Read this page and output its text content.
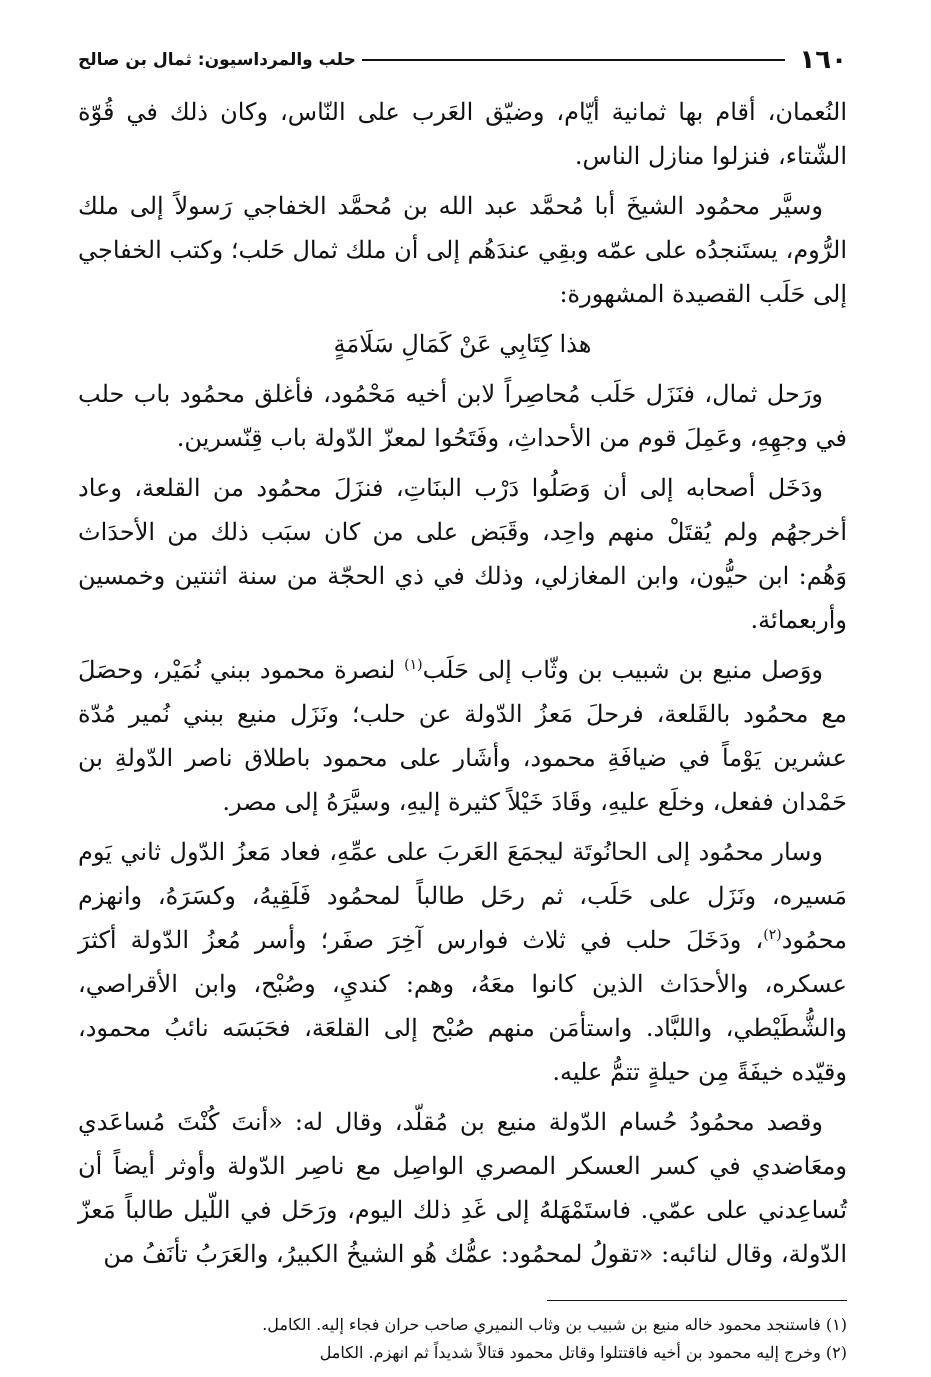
١٦٠
حلب والمرداسيون: ثمال بن صالح

النُعمان، أقام بها ثمانية أيّام، وضيّق العَرب على النّاس، وكان ذلك في قُوّة الشّتاء، فنزلوا منازل الناس.

وسيَّر محمُود الشيخَ أبا مُحمَّد عبد الله بن مُحمَّد الخفاجي رَسولاً إلى ملك الرُّوم، يستَنجدُه على عمّه وبقِي عندَهُم إلى أن ملك ثمال حَلب؛ وكتب الخفاجي إلى حَلَب القصيدة المشهورة:

هذا كِتَابِي عَنْ كَمَالِ سَلَامَةٍ

ورَحل ثمال، فنَزَل حَلَب مُحاصِراً لابن أخيه مَحْمُود، فأغلق محمُود باب حلب في وجهِهِ، وعَمِلَ قوم من الأحداثِ، وفَتَحُوا لمعزّ الدّولة باب قِنّسرين.

ودَخَل أصحابه إلى أن وَصَلُوا دَرْب البنَاتِ، فنزَلَ محمُود من القلعة، وعاد أخرجهُم ولم يُقتَلْ منهم واحِد، وقَبَض على من كان سبَب ذلك من الأحدَاث وَهُم: ابن حيُّون، وابن المغازلي، وذلك في ذي الحجّة من سنة اثنتين وخمسين وأربعمائة.

ووَصل منيع بن شبيب بن وثّاب إلى حَلَب$^{(١)}$ لنصرة محمود ببني نُمَيْر، وحصَلَ مع محمُود بالقَلعة، فرحلَ مَعزُ الدّولة عن حلب؛ ونَزَل منيع ببني نُمير مُدّة عشرين يَوْماً في ضيافَةِ محمود، وأشَار على محمود باطلاق ناصر الدّولةِ بن حَمْدان ففعل، وخلَع عليهِ، وقَادَ خَيْلاً كثيرة إليهِ، وسيَّرَهُ إلى مصر.

وسار محمُود إلى الحانُوتَة ليجمَعَ العَربَ على عمِّهِ، فعاد مَعزُ الدّول ثاني يَوم مَسيره، ونَزَل على حَلَب، ثم رحَل طالباً لمحمُود فَلَقِيهُ، وكسَرَهُ، وانهزم محمُود$^{(٢)}$، ودَخَلَ حلب في ثلاث فوارس آخِرَ صفَر؛ وأسر مُعزُ الدّولة أكثرَ عسكره، والأحدَاث الذين كانوا معَهُ، وهم: كنديِ، وصُبْح، وابن الأقراصي، والشُّطَيْطي، واللبَّاد. واستأمَن منهم صُبْح إلى القلعَة، فحَبَسَه نائبُ محمود، وقيّده خيفَةً مِن حيلةٍ تتمُّ عليه.

وقصد محمُودُ حُسام الدّولة منيع بن مُقلّد، وقال له: «أنتَ كُنْتَ مُساعَدي ومعَاضدي في كسر العسكر المصري الواصِل مع ناصِر الدّولة وأوثر أيضاً أن تُساعِدني على عمّي. فاستَمْهَلهُ إلى غَدِ ذلك اليوم، ورَحَل في اللّيل طالباً مَعزّ الدّولة، وقال لنائبه: «تقولُ لمحمُود: عمُّك هُو الشيخُ الكبيرُ، والعَرَبُ تأنَفُ من

(١) فاستنجد محمود خاله منيع بن شبيب بن وثاب النميري صاحب حران فجاء إليه. الكامل.

(٢) وخرج إليه محمود بن أخيه فاقتتلوا وقاتل محمود قتالاً شديداً ثم انهزم. الكامل
